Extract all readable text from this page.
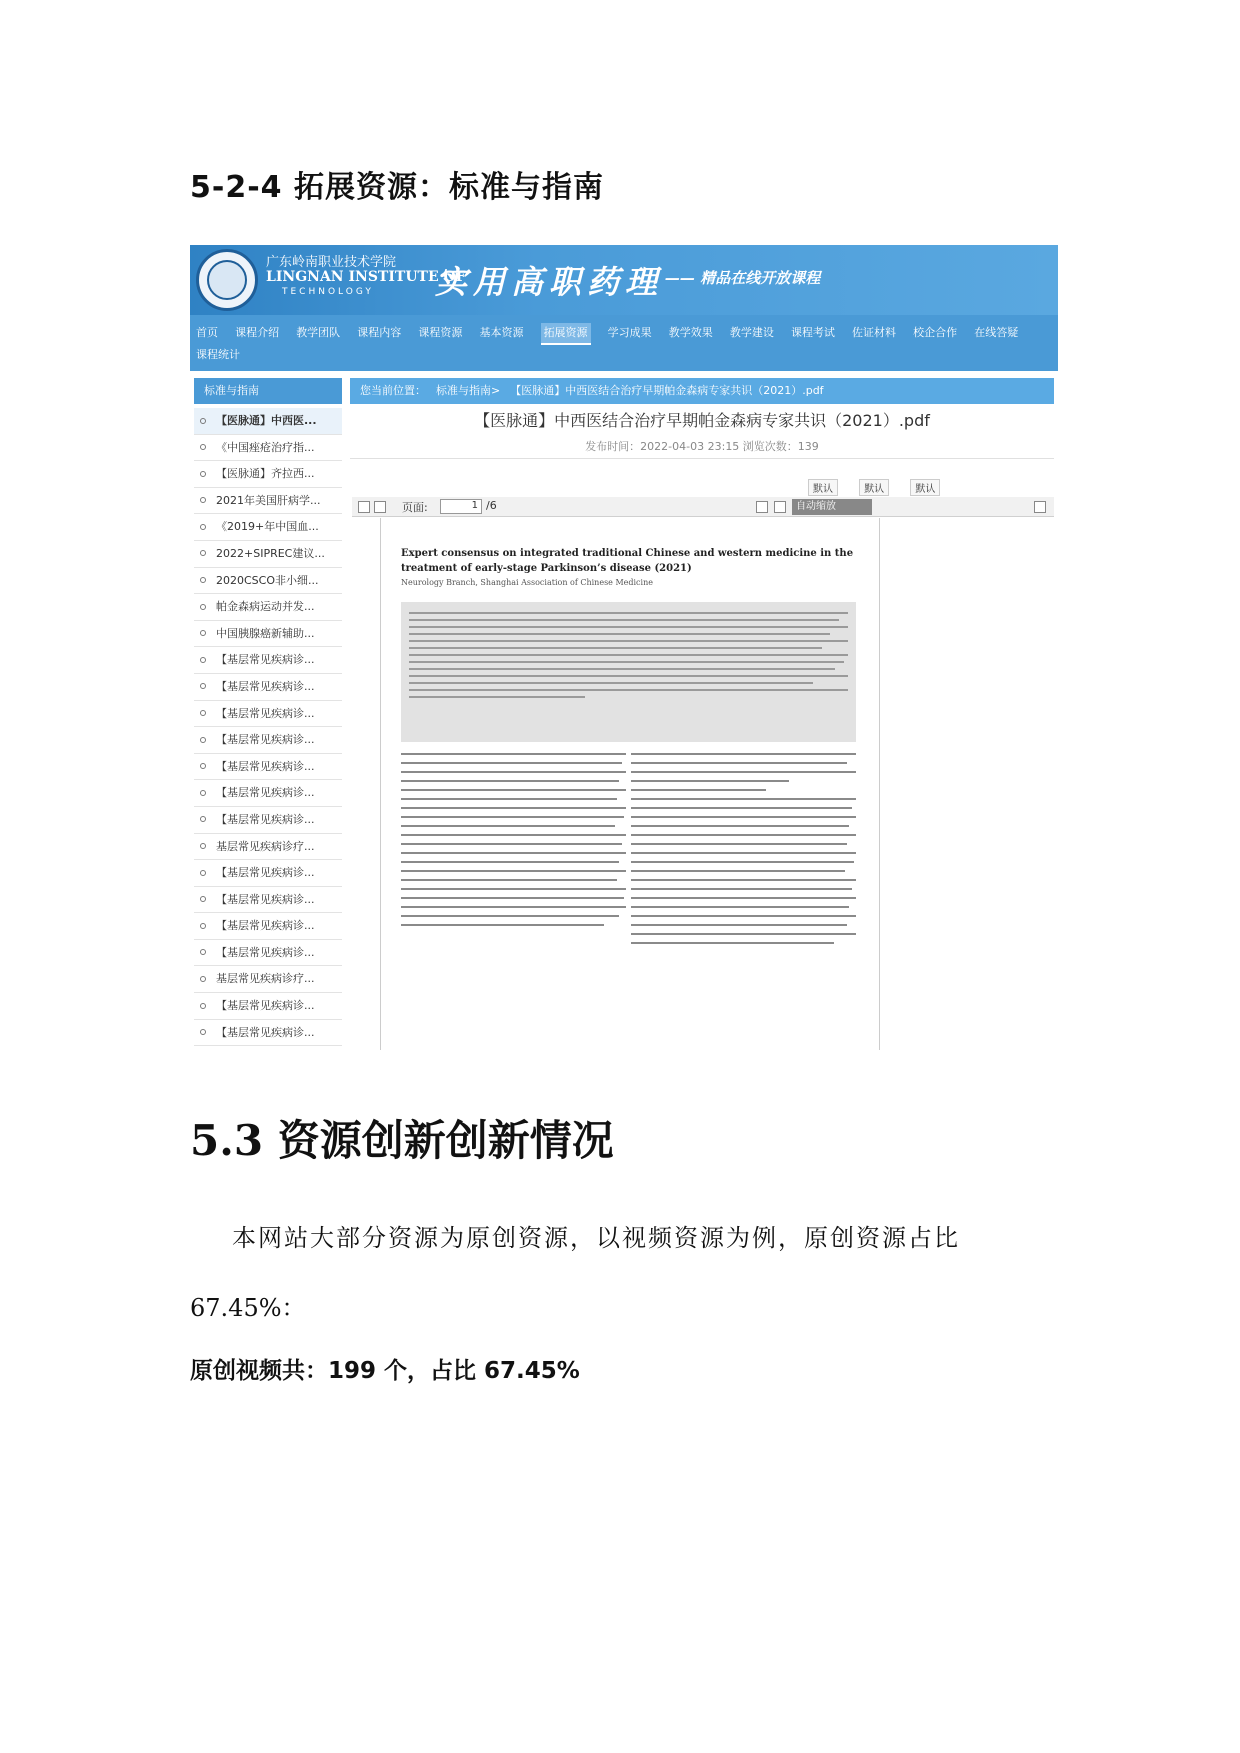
5-2-4 拓展资源：标准与指南
广东岭南职业技术学院
LINGNAN INSTITUTE OF
TECHNOLOGY 实用高职药理 —— 精品在线开放课程
首页 课程介绍 教学团队 课程内容 课程资源 基本资源 拓展资源 学习成果 教学效果 教学建设 课程考试 佐证材料 校企合作 在线答疑
课程统计
标准与指南
【医脉通】中西医...
《中国痤疮治疗指...
【医脉通】齐拉西...
2021年美国肝病学...
《2019+年中国血...
2022+SIPREC建议...
2020CSCO非小细...
帕金森病运动并发...
中国胰腺癌新辅助...
【基层常见疾病诊...
【基层常见疾病诊...
【基层常见疾病诊...
【基层常见疾病诊...
【基层常见疾病诊...
【基层常见疾病诊...
【基层常见疾病诊...
基层常见疾病诊疗...
【基层常见疾病诊...
【基层常见疾病诊...
【基层常见疾病诊...
【基层常见疾病诊...
基层常见疾病诊疗...
【基层常见疾病诊...
【基层常见疾病诊...
您当前位置： 标准与指南> 【医脉通】中西医结合治疗早期帕金森病专家共识（2021）.pdf
【医脉通】中西医结合治疗早期帕金森病专家共识（2021）.pdf
发布时间：2022-04-03 23:15 浏览次数：139
默认	默认	默认
页面:	1 /6	自动缩放
Expert consensus on integrated traditional Chinese and western medicine in the treatment of early-stage Parkinson’s disease (2021)
Neurology Branch, Shanghai Association of Chinese Medicine
5.3 资源创新创新情况
本网站大部分资源为原创资源，以视频资源为例，原创资源占比
67.45%：
原创视频共：199 个，占比 67.45%
